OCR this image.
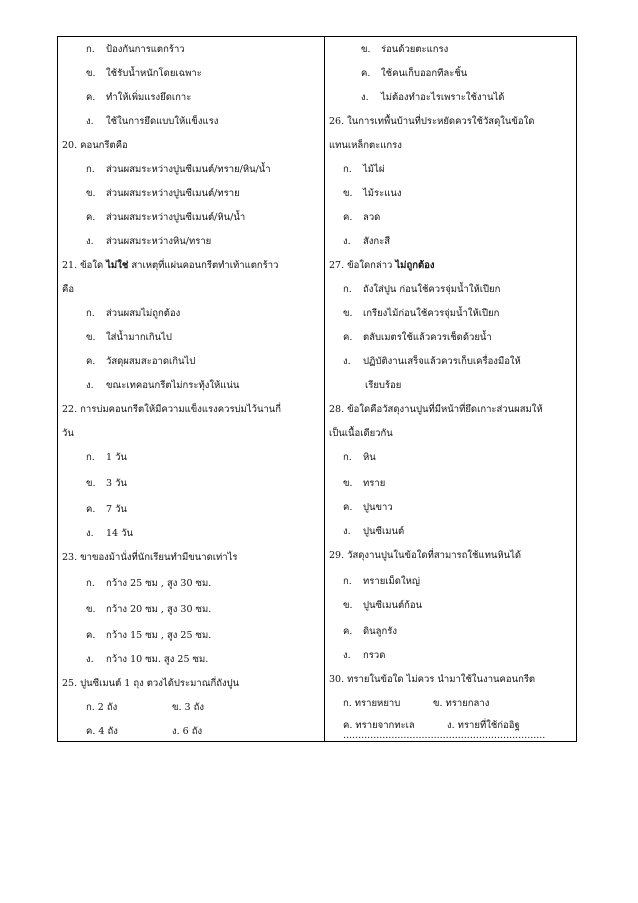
ก. ป้องกันการแตกร้าว
ข. ใช้รับน้ำหนักโดยเฉพาะ
ค. ทำให้เพิ่มแรงยึดเกาะ
ง. ใช้ในการยึดแบบให้แข็งแรง
20. คอนกรีตคือ
ก. ส่วนผสมระหว่างปูนซีเมนต์/ทราย/หิน/น้ำ
ข. ส่วนผสมระหว่างปูนซีเมนต์/ทราย
ค. ส่วนผสมระหว่างปูนซีเมนต์/หิน/น้ำ
ง. ส่วนผสมระหว่างหิน/ทราย
21. ข้อใด ไม่ใช่ สาเหตุที่แผ่นคอนกรีตทำเท้าแตกร้าว
คือ
ก. ส่วนผสมไม่ถูกต้อง
ข. ใส่น้ำมากเกินไป
ค. วัสดุผสมสะอาดเกินไป
ง. ขณะเทคอนกรีตไม่กระทุ้งให้แน่น
22. การบ่มคอนกรีตให้มีความแข็งแรงควรบ่มไว้นานกี่
วัน
ก. 1 วัน
ข. 3 วัน
ค. 7 วัน
ง. 14 วัน
23. ขาของม้านั่งที่นักเรียนทำมีขนาดเท่าไร
ก. กว้าง 25 ซม , สูง 30 ซม.
ข. กว้าง 20 ซม , สูง 30 ซม.
ค. กว้าง 15 ซม , สูง 25 ซม.
ง. กว้าง 10 ซม. สูง 25 ซม.
25. ปูนซีเมนต์ 1 ถุง ตวงได้ประมาณกี่ถังปูน
ก. 2 ถัง	ข. 3 ถัง
ค. 4 ถัง	ง. 6 ถัง
ข. ร่อนด้วยตะแกรง
ค. ใช้คนเก็บออกทีละชิ้น
ง. ไม่ต้องทำอะไรเพราะใช้งานได้
26. ในการเทพื้นบ้านที่ประหยัดควรใช้วัสดุในข้อใด
แทนเหล็กตะแกรง
ก. ไม้ไผ่
ข. ไม้ระแนง
ค. ลวด
ง. สังกะสี
27. ข้อใดกล่าว ไม่ถูกต้อง
ก. ถังใส่ปูน ก่อนใช้ควรจุ่มน้ำให้เปียก
ข. เกรียงไม้ก่อนใช้ควรจุ่มน้ำให้เปียก
ค. ตลับเมตรใช้แล้วควรเช็ดด้วยน้ำ
ง. ปฏิบัติงานเสร็จแล้วควรเก็บเครื่องมือให้
เรียบร้อย
28. ข้อใดคือวัสดุงานปูนที่มีหน้าที่ยึดเกาะส่วนผสมให้
เป็นเนื้อเดียวกัน
ก. หิน
ข. ทราย
ค. ปูนขาว
ง. ปูนซีเมนต์
29. วัสดุงานปูนในข้อใดที่สามารถใช้แทนหินได้
ก. ทรายเม็ดใหญ่
ข. ปูนซีเมนต์ก้อน
ค. ดินลูกรัง
ง. กรวด
30. ทรายในข้อใด ไม่ควร นำมาใช้ในงานคอนกรีต
ก. ทรายหยาบ	ข. ทรายกลาง
ค. ทรายจากทะเล	ง. ทรายที่ใช้ก่ออิฐ
...................................................................
